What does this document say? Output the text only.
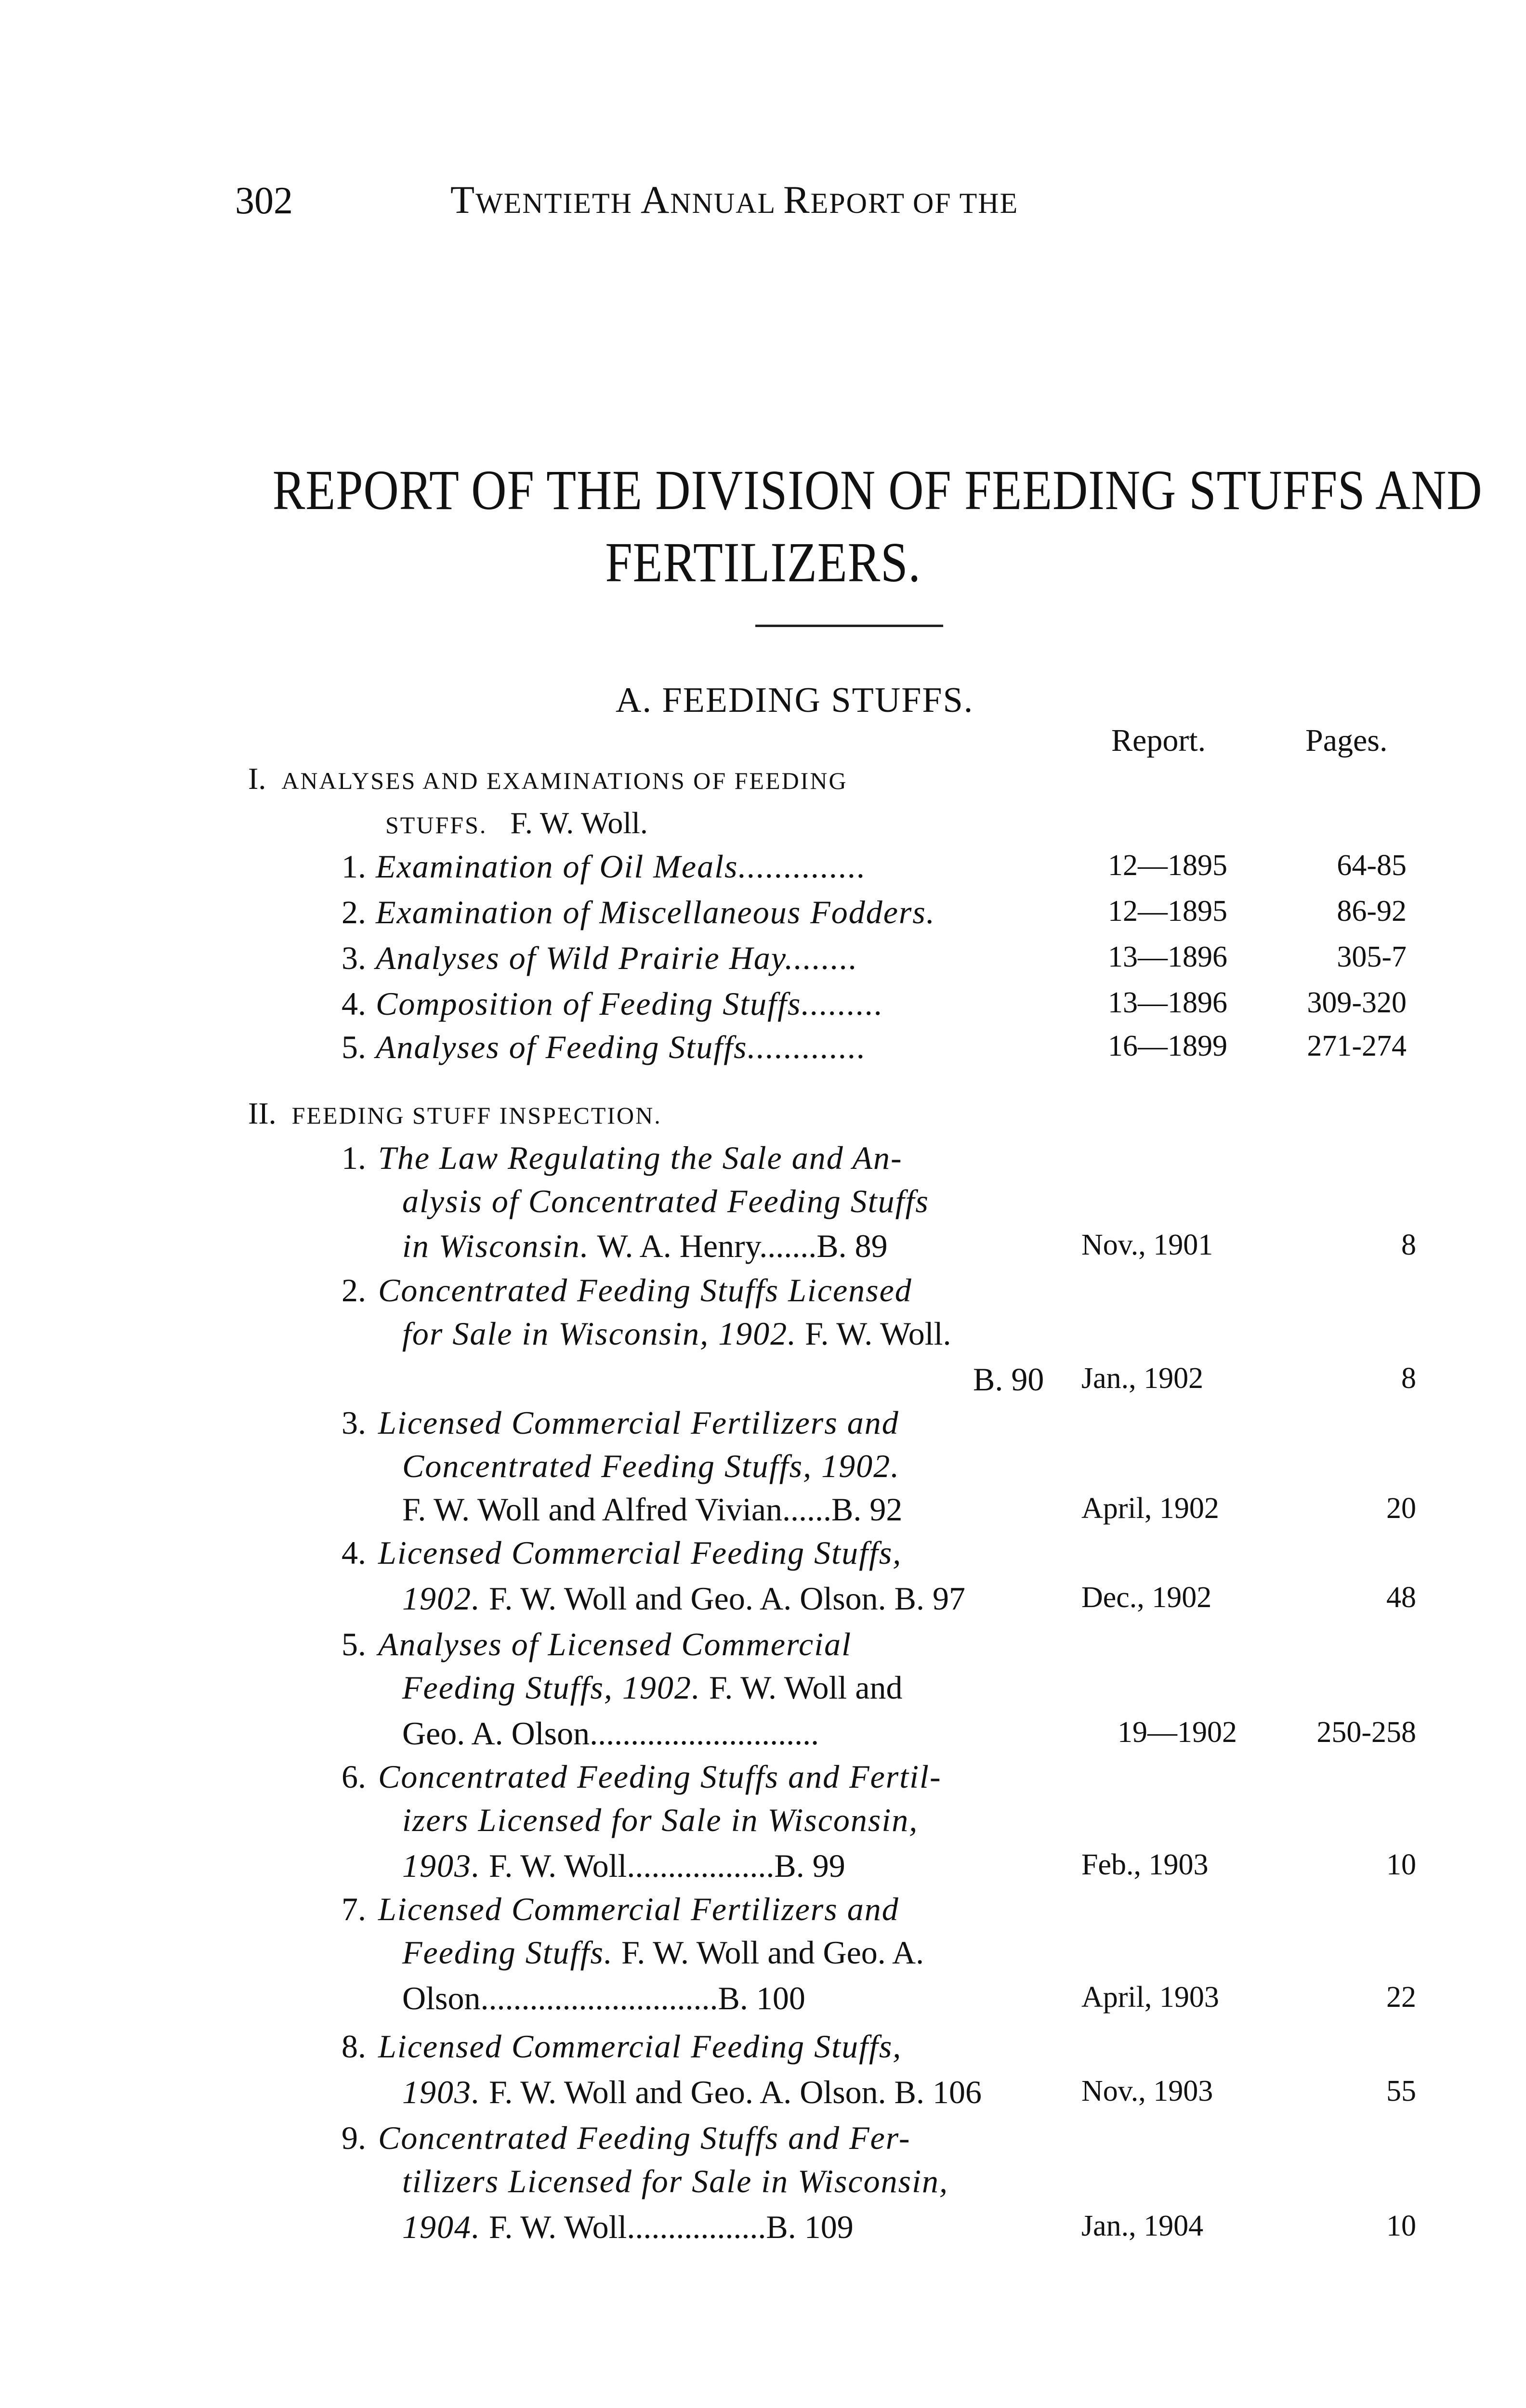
302	TWENTIETH ANNUAL REPORT OF THE
REPORT OF THE DIVISION OF FEEDING STUFFS AND
FERTILIZERS.
A. FEEDING STUFFS.
Report.	Pages.
I. ANALYSES AND EXAMINATIONS OF FEEDING
STUFFS. F. W. Woll.
II. FEEDING STUFF INSPECTION.
1. Examination of Oil Meals..............	12—1895	64-85
2. Examination of Miscellaneous Fodders.	12—1895	86-92
3. Analyses of Wild Prairie Hay........	13—1896	305-7
4. Composition of Feeding Stuffs.........	13—1896	309-320
5. Analyses of Feeding Stuffs.............	16—1899	271-274
1. The Law Regulating the Sale and An-
alysis of Concentrated Feeding Stuffs
in Wisconsin. W. A. Henry.......B. 89	Nov., 1901	8
2. Concentrated Feeding Stuffs Licensed
for Sale in Wisconsin, 1902. F. W. Woll.
B. 90 Jan., 1902	8
3. Licensed Commercial Fertilizers and
Concentrated Feeding Stuffs, 1902.
F. W. Woll and Alfred Vivian......B. 92	April, 1902	20
4. Licensed Commercial Feeding Stuffs,
1902. F. W. Woll and Geo. A. Olson. B. 97	Dec., 1902	48
5. Analyses of Licensed Commercial
Feeding Stuffs, 1902. F. W. Woll and
Geo. A. Olson............................	19—1902	250-258
6. Concentrated Feeding Stuffs and Fertil-
izers Licensed for Sale in Wisconsin,
1903. F. W. Woll..................B. 99	Feb., 1903	10
7. Licensed Commercial Fertilizers and
Feeding Stuffs. F. W. Woll and Geo. A.
Olson.............................B. 100	April, 1903	22
8. Licensed Commercial Feeding Stuffs,
1903. F. W. Woll and Geo. A. Olson. B. 106	Nov., 1903	55
9. Concentrated Feeding Stuffs and Fer-
tilizers Licensed for Sale in Wisconsin,
1904. F. W. Woll.................B. 109	Jan., 1904	10
